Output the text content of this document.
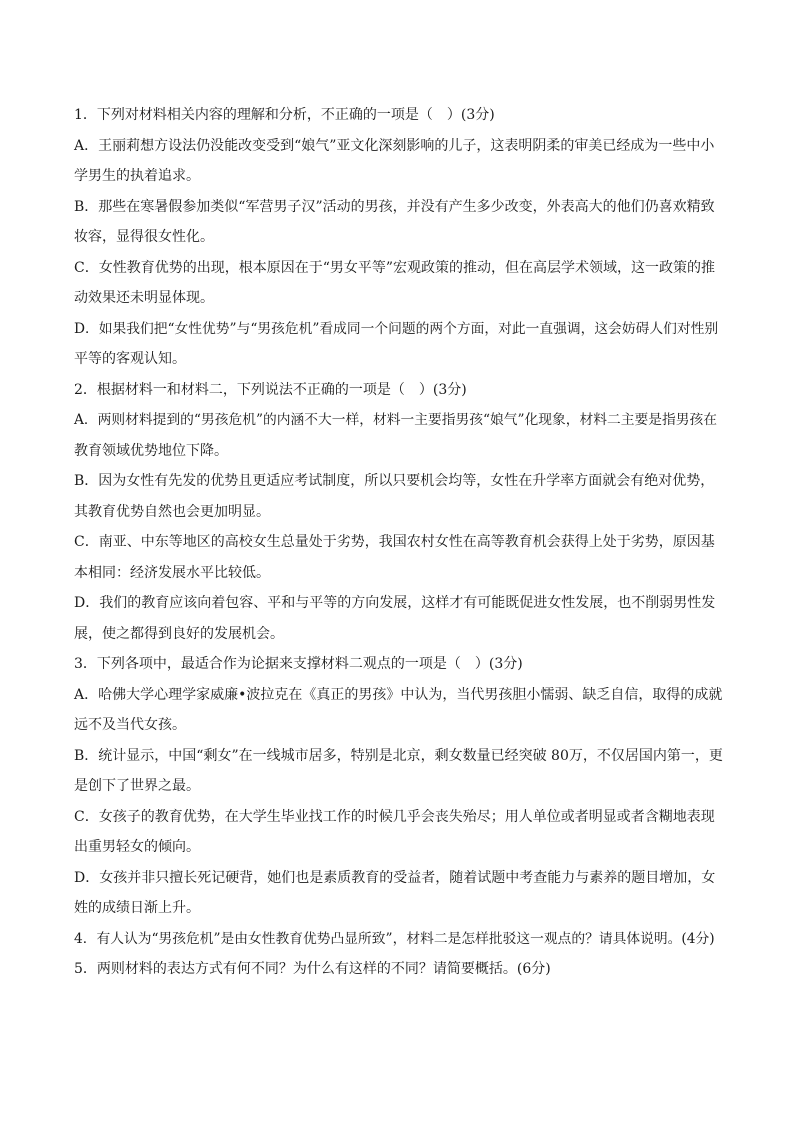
1．下列对材料相关内容的理解和分析，不正确的一项是（　）(3分)
A．王丽莉想方设法仍没能改变受到“娘气”亚文化深刻影响的儿子，这表明阴柔的审美已经成为一些中小
学男生的执着追求。
B．那些在寒暑假参加类似“军营男子汉”活动的男孩，并没有产生多少改变，外表高大的他们仍喜欢精致
妆容，显得很女性化。
C．女性教育优势的出现，根本原因在于“男女平等”宏观政策的推动，但在高层学术领域，这一政策的推
动效果还未明显体现。
D．如果我们把“女性优势”与“男孩危机”看成同一个问题的两个方面，对此一直强调，这会妨碍人们对性别
平等的客观认知。
2．根据材料一和材料二，下列说法不正确的一项是（　）(3分)
A．两则材料提到的“男孩危机”的内涵不大一样，材料一主要指男孩“娘气”化现象，材料二主要是指男孩在
教育领域优势地位下降。
B．因为女性有先发的优势且更适应考试制度，所以只要机会均等，女性在升学率方面就会有绝对优势，
其教育优势自然也会更加明显。
C．南亚、中东等地区的高校女生总量处于劣势，我国农村女性在高等教育机会获得上处于劣势，原因基
本相同：经济发展水平比较低。
D．我们的教育应该向着包容、平和与平等的方向发展，这样才有可能既促进女性发展，也不削弱男性发
展，使之都得到良好的发展机会。
3．下列各项中，最适合作为论据来支撑材料二观点的一项是（　）(3分)
A．哈佛大学心理学家威廉•波拉克在《真正的男孩》中认为，当代男孩胆小懦弱、缺乏自信，取得的成就
远不及当代女孩。
B．统计显示，中国“剩女”在一线城市居多，特别是北京，剩女数量已经突破 80万，不仅居国内第一，更
是创下了世界之最。
C．女孩子的教育优势，在大学生毕业找工作的时候几乎会丧失殆尽；用人单位或者明显或者含糊地表现
出重男轻女的倾向。
D．女孩并非只擅长死记硬背，她们也是素质教育的受益者，随着试题中考查能力与素养的题目增加，女
姓的成绩日渐上升。
4．有人认为“男孩危机”是由女性教育优势凸显所致”，材料二是怎样批驳这一观点的？请具体说明。(4分)
5．两则材料的表达方式有何不同？为什么有这样的不同？请简要概括。(6分)
